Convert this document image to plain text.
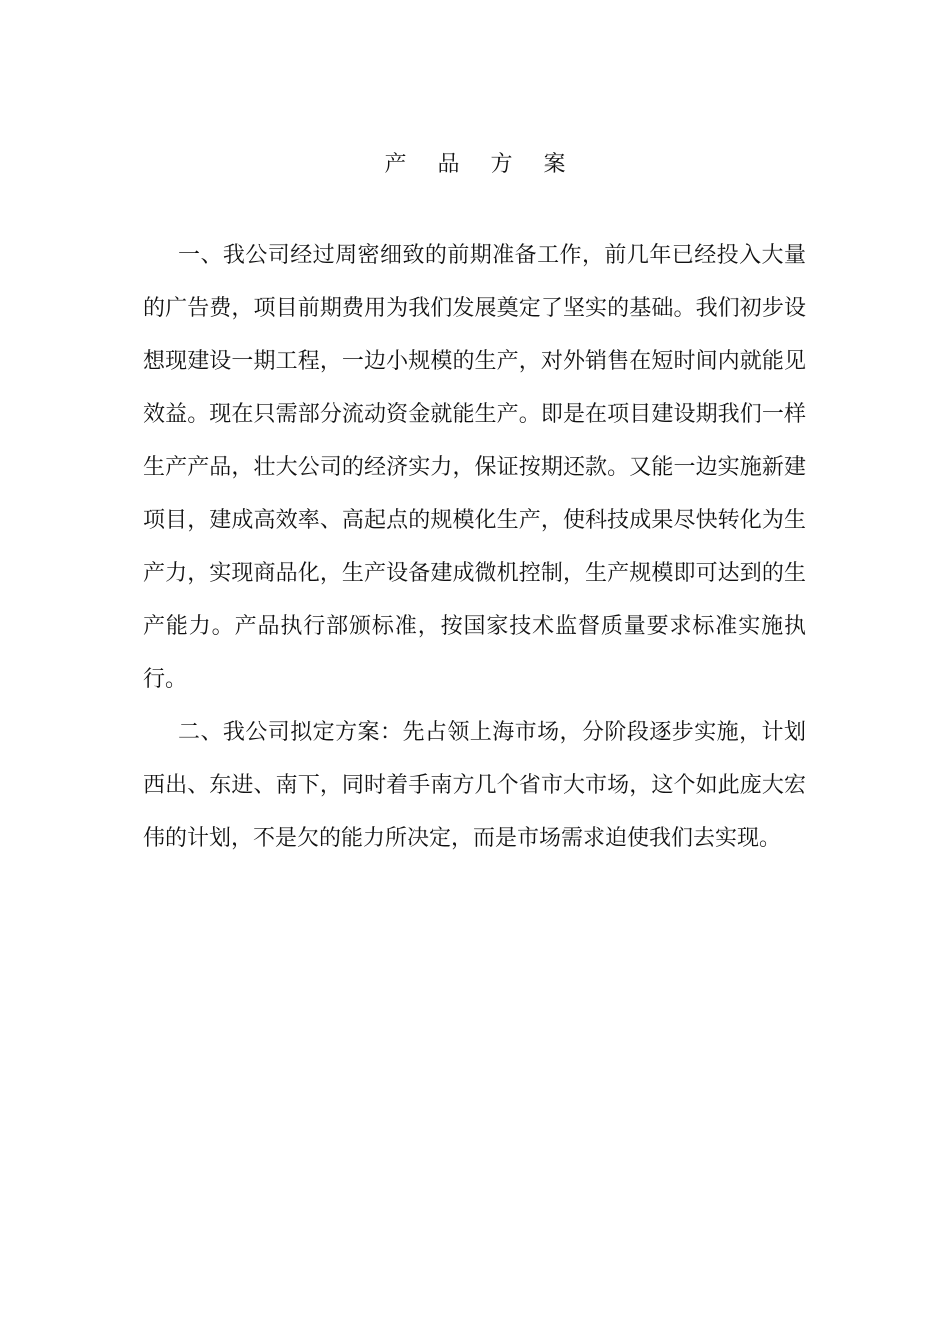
产 品 方 案

一、我公司经过周密细致的前期准备工作，前几年已经投入大量的广告费，项目前期费用为我们发展奠定了坚实的基础。我们初步设想现建设一期工程，一边小规模的生产，对外销售在短时间内就能见效益。现在只需部分流动资金就能生产。即是在项目建设期我们一样生产产品，壮大公司的经济实力，保证按期还款。又能一边实施新建项目，建成高效率、高起点的规模化生产，使科技成果尽快转化为生产力，实现商品化，生产设备建成微机控制，生产规模即可达到的生产能力。产品执行部颁标准，按国家技术监督质量要求标准实施执行。

二、我公司拟定方案：先占领上海市场，分阶段逐步实施，计划西出、东进、南下，同时着手南方几个省市大市场，这个如此庞大宏伟的计划，不是欠的能力所决定，而是市场需求迫使我们去实现。
